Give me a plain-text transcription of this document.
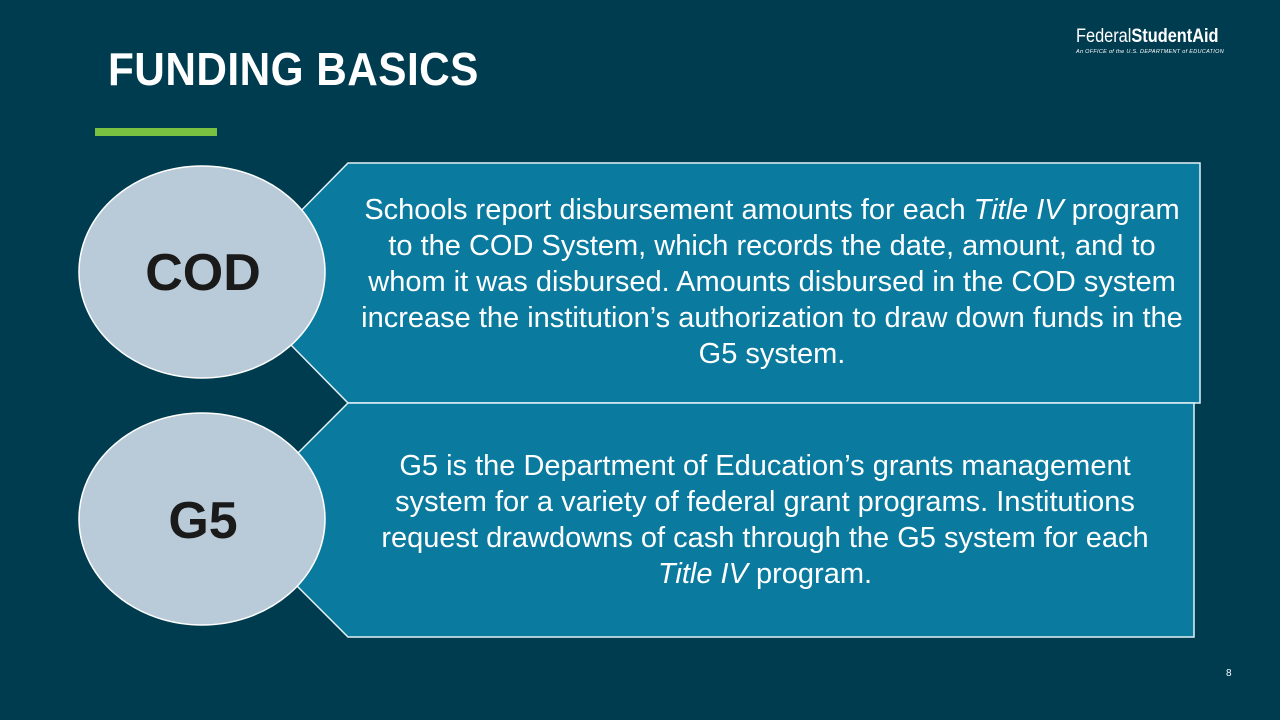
FUNDING BASICS
FederalStudentAid
An OFFICE of the U.S. DEPARTMENT of EDUCATION
COD
G5
Schools report disbursement amounts for each Title IV program to the COD System, which records the date, amount, and to whom it was disbursed. Amounts disbursed in the COD system increase the institution’s authorization to draw down funds in the G5 system.
G5 is the Department of Education’s grants management system for a variety of federal grant programs. Institutions request drawdowns of cash through the G5 system for each Title IV program.
8
